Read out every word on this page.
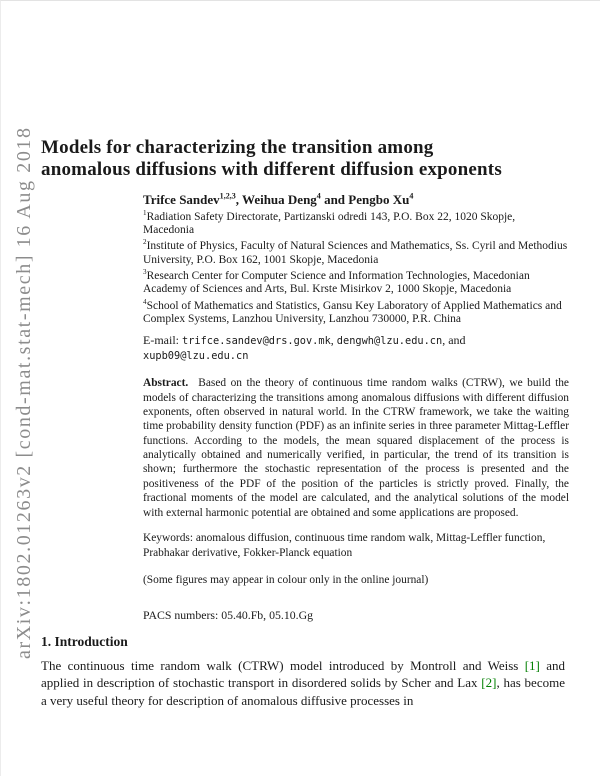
arXiv:1802.01263v2 [cond-mat.stat-mech] 16 Aug 2018 Models for characterizing the transition among anomalous diffusions with different diffusion exponents
Trifce Sandev$^{1,2,3}$, Weihua Deng$^4$ and Pengbo Xu$^4$
$^1$Radiation Safety Directorate, Partizanski odredi 143, P.O. Box 22, 1020 Skopje, Macedonia
$^2$Institute of Physics, Faculty of Natural Sciences and Mathematics, Ss. Cyril and Methodius University, P.O. Box 162, 1001 Skopje, Macedonia
$^3$Research Center for Computer Science and Information Technologies, Macedonian Academy of Sciences and Arts, Bul. Krste Misirkov 2, 1000 Skopje, Macedonia
$^4$School of Mathematics and Statistics, Gansu Key Laboratory of Applied Mathematics and Complex Systems, Lanzhou University, Lanzhou 730000, P.R. China
E-mail: trifce.sandev@drs.gov.mk, dengwh@lzu.edu.cn, and xupb09@lzu.edu.cn
Abstract. Based on the theory of continuous time random walks (CTRW), we build the models of characterizing the transitions among anomalous diffusions with different diffusion exponents, often observed in natural world. In the CTRW framework, we take the waiting time probability density function (PDF) as an infinite series in three parameter Mittag-Leffler functions. According to the models, the mean squared displacement of the process is analytically obtained and numerically verified, in particular, the trend of its transition is shown; furthermore the stochastic representation of the process is presented and the positiveness of the PDF of the position of the particles is strictly proved. Finally, the fractional moments of the model are calculated, and the analytical solutions of the model with external harmonic potential are obtained and some applications are proposed.
Keywords: anomalous diffusion, continuous time random walk, Mittag-Leffler function, Prabhakar derivative, Fokker-Planck equation
(Some figures may appear in colour only in the online journal)
PACS numbers: 05.40.Fb, 05.10.Gg
1. Introduction

The continuous time random walk (CTRW) model introduced by Montroll and Weiss [1] and applied in description of stochastic transport in disordered solids by Scher and Lax [2], has become a very useful theory for description of anomalous diffusive processes in
